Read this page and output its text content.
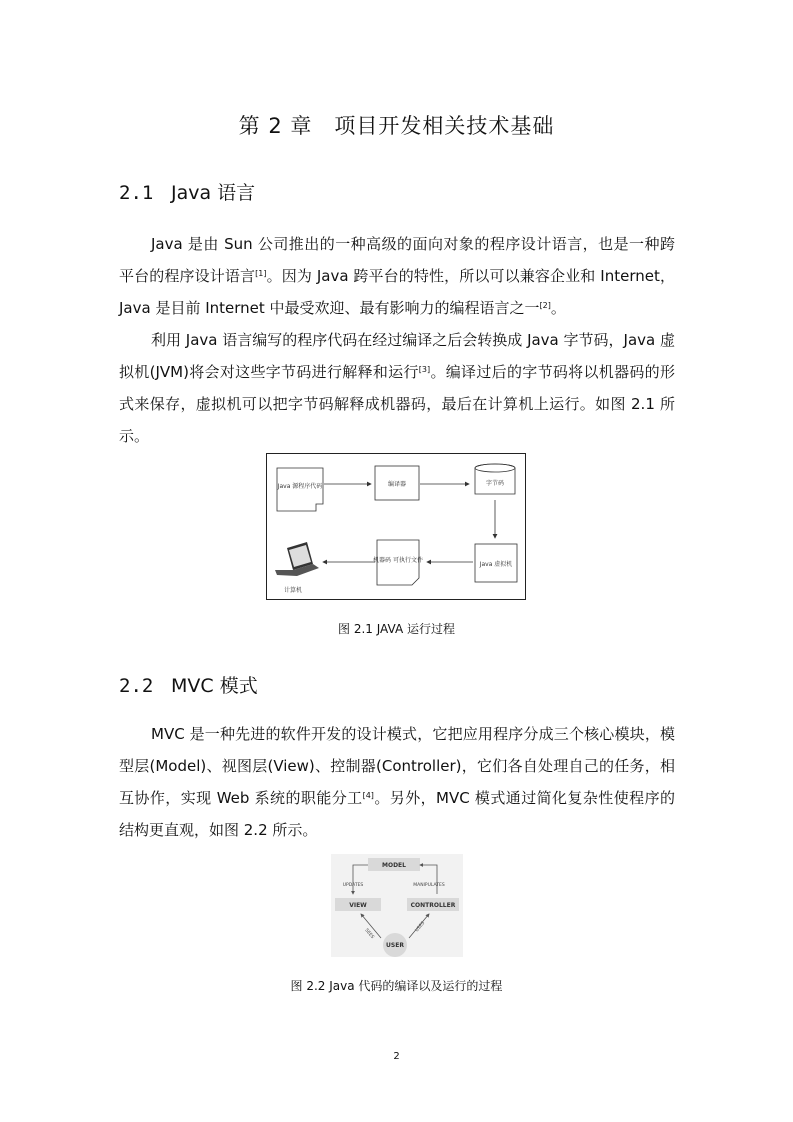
第 2 章 项目开发相关技术基础
2.1 Java 语言
Java 是由 Sun 公司推出的一种高级的面向对象的程序设计语言，也是一种跨平台的程序设计语言[1]。因为 Java 跨平台的特性，所以可以兼容企业和 Internet，Java 是目前 Internet 中最受欢迎、最有影响力的编程语言之一[2]。
利用 Java 语言编写的程序代码在经过编译之后会转换成 Java 字节码，Java 虚拟机(JVM)将会对这些字节码进行解释和运行[3]。编译过后的字节码将以机器码的形式来保存，虚拟机可以把字节码解释成机器码，最后在计算机上运行。如图 2.1 所示。
Java 源程序代码	编译器	字节码
Java 虚拟机
机器码 可执行文件
计算机
图 2.1 JAVA 运行过程
2.2 MVC 模式
MVC 是一种先进的软件开发的设计模式，它把应用程序分成三个核心模块，模型层(Model)、视图层(View)、控制器(Controller)，它们各自处理自己的任务，相互协作，实现 Web 系统的职能分工[4]。另外，MVC 模式通过简化复杂性使程序的结构更直观，如图 2.2 所示。
MODEL
UPDATES	MANIPULATES
VIEW	CONTROLLER
SEES
USES
USER
图 2.2 Java 代码的编译以及运行的过程
2
